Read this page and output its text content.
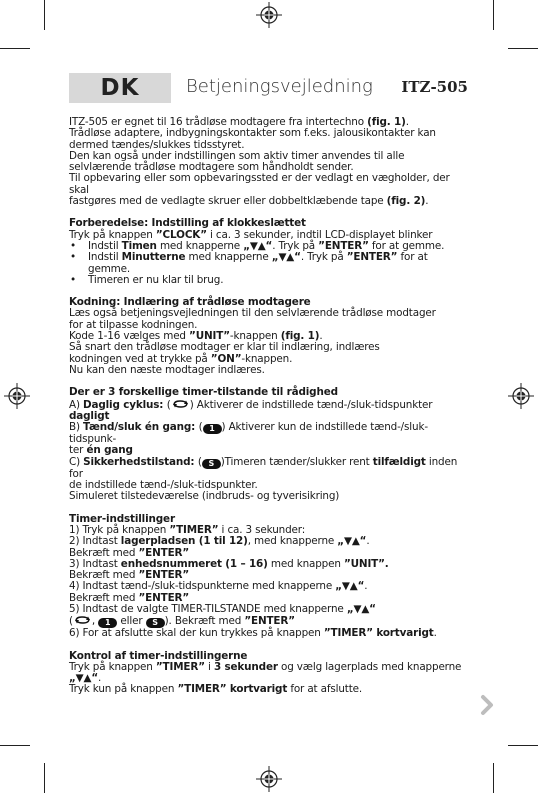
DK	Betjeningsvejledning ITZ-505

ITZ-505 er egnet til 16 trådløse modtagere fra intertechno (fig. 1).

Trådløse adaptere, indbygningskontakter som f.eks. jalousikontakter kan

dermed tændes/slukkes tidsstyret.

Den kan også under indstillingen som aktiv timer anvendes til alle

selvlærende trådløse modtagere som håndholdt sender.

Til opbevaring eller som opbevaringssted er der vedlagt en vægholder, der skal

fastgøres med de vedlagte skruer eller dobbeltklæbende tape (fig. 2).

Forberedelse: Indstilling af klokkeslættet

Tryk på knappen ”CLOCK” i ca. 3 sekunder, indtil LCD-displayet blinker

• Indstil Timen med knapperne „▼▲“. Tryk på ”ENTER” for at gemme.

• Indstil Minutterne med knapperne „▼▲“. Tryk på ”ENTER” for at gemme.

• Timeren er nu klar til brug.

Kodning: Indlæring af trådløse modtagere

Læs også betjeningsvejledningen til den selvlærende trådløse modtager

for at tilpasse kodningen.

Kode 1-16 vælges med ”UNIT”-knappen (fig. 1).

Så snart den trådløse modtager er klar til indlæring, indlæres

kodningen ved at trykke på ”ON”-knappen.

Nu kan den næste modtager indlæres.

Der er 3 forskellige timer-tilstande til rådighed

A) Daglig cyklus: ( ) Aktiverer de indstillede tænd-/sluk-tidspunkter

dagligt

B) Tænd/sluk én gang: ( 1 ) Aktiverer kun de indstillede tænd-/sluk-tidspunk-

ter én gang

C) Sikkerhedstilstand: ( S )Timeren tænder/slukker rent tilfældigt inden for

de indstillede tænd-/sluk-tidspunkter.

Simuleret tilstedeværelse (indbruds- og tyverisikring)

Timer-indstillinger

1) Tryk på knappen ”TIMER” i ca. 3 sekunder:

2) Indtast lagerpladsen (1 til 12), med knapperne „▼▲“.

Bekræft med ”ENTER”

3) Indtast enhedsnummeret (1 – 16) med knappen ”UNIT”.

Bekræft med ”ENTER”

4) Indtast tænd-/sluk-tidspunkterne med knapperne „▼▲“.

Bekræft med ”ENTER”

5) Indtast de valgte TIMER-TILSTANDE med knapperne „▼▲“

( , 1 eller S ). Bekræft med ”ENTER”

6) For at afslutte skal der kun trykkes på knappen ”TIMER” kortvarigt.

Kontrol af timer-indstillingerne

Tryk på knappen ”TIMER” i 3 sekunder og vælg lagerplads med knapperne

„▼▲“.

Tryk kun på knappen ”TIMER” kortvarigt for at afslutte.
